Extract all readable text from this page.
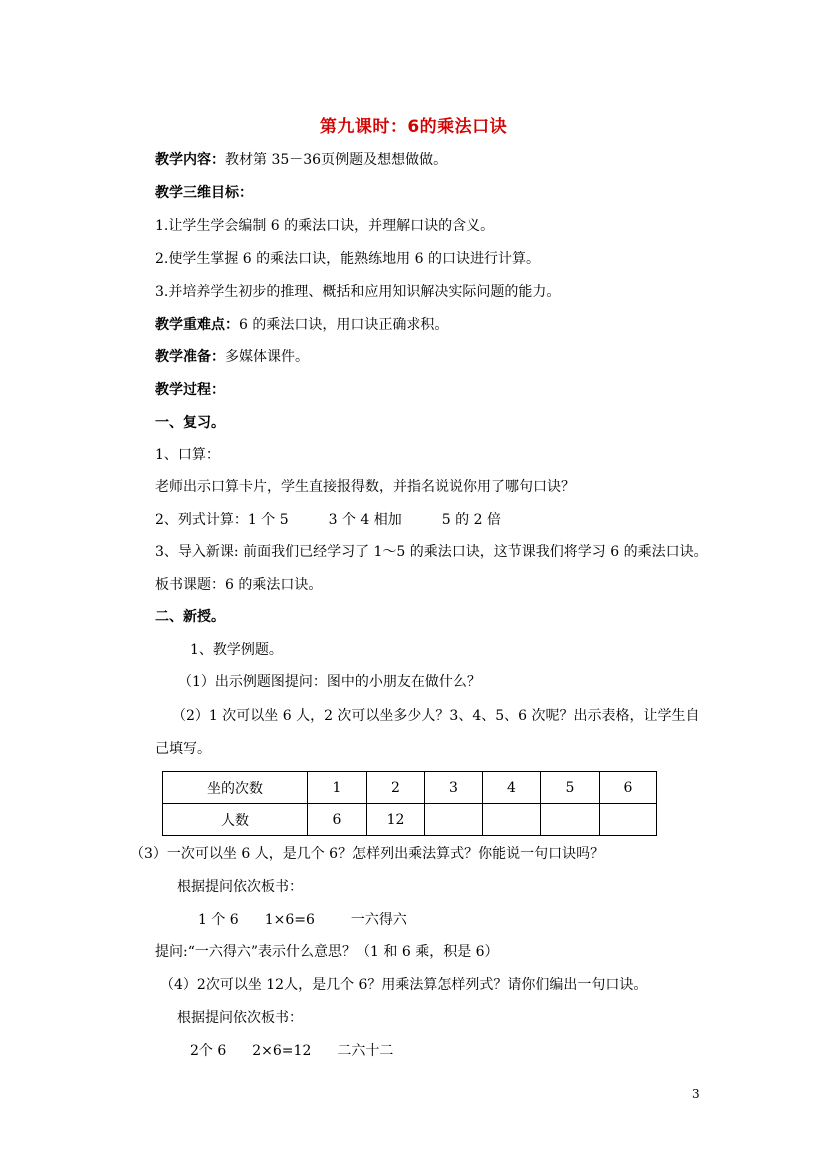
第九课时：6的乘法口诀
教学内容：教材第 35－36页例题及想想做做。
教学三维目标：
1.让学生学会编制 6 的乘法口诀，并理解口诀的含义。
2.使学生掌握 6 的乘法口诀，能熟练地用 6 的口诀进行计算。
3.并培养学生初步的推理、概括和应用知识解决实际问题的能力。
教学重难点：6 的乘法口诀，用口诀正确求积。
教学准备：多媒体课件。
教学过程：
一、复习。
1、口算：
老师出示口算卡片，学生直接报得数，并指名说说你用了哪句口诀？
2、列式计算：1 个 5	3 个 4 相加	5 的 2 倍
3、导入新课: 前面我们已经学习了 1～5 的乘法口诀，这节课我们将学习 6 的乘法口诀。
板书课题：6 的乘法口诀。
二、新授。
1、教学例题。
（1）出示例题图提问：图中的小朋友在做什么？
（2）1 次可以坐 6 人，2 次可以坐多少人？3、4、5、6 次呢？出示表格，让学生自
己填写。
坐的次数	1	2	3	4	5	6
人数	6	12				
（3）一次可以坐 6 人，是几个 6？怎样列出乘法算式？你能说一句口诀吗？
根据提问依次板书：
1 个 6 1×6=6	一六得六
提问:“一六得六”表示什么意思？（1 和 6 乘，积是 6）
（4）2次可以坐 12人，是几个 6？用乘法算怎样列式？请你们编出一句口诀。
根据提问依次板书：
2个 6 2×6=12 二六十二
3
